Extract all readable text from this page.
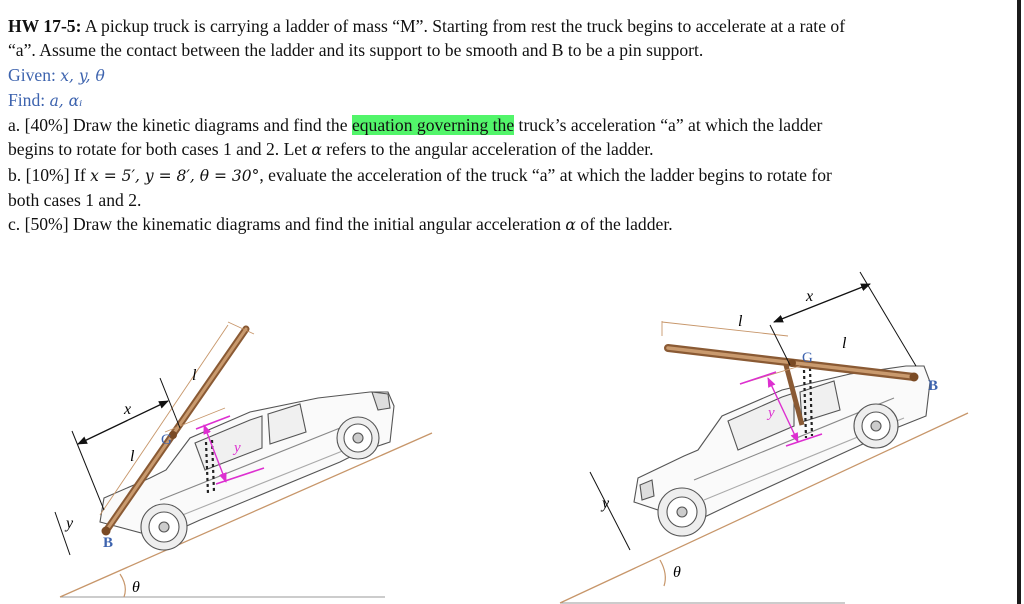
HW 17-5: A pickup truck is carrying a ladder of mass “M”. Starting from rest the truck begins to accelerate at a rate of
“a”. Assume the contact between the ladder and its support to be smooth and B to be a pin support.
Given: x, y, θ
Find: a, αᵢ
a. [40%] Draw the kinetic diagrams and find the equation governing the truck’s acceleration “a” at which the ladder
begins to rotate for both cases 1 and 2. Let α refers to the angular acceleration of the ladder.
b. [10%] If x = 5′, y = 8′, θ = 30°, evaluate the acceleration of the truck “a” at which the ladder begins to rotate for
both cases 1 and 2.
c. [50%] Draw the kinematic diagrams and find the initial angular acceleration α of the ladder.
θ
x
l
l
G	y
y
B
θ
x
l
l
G
y
y
B
